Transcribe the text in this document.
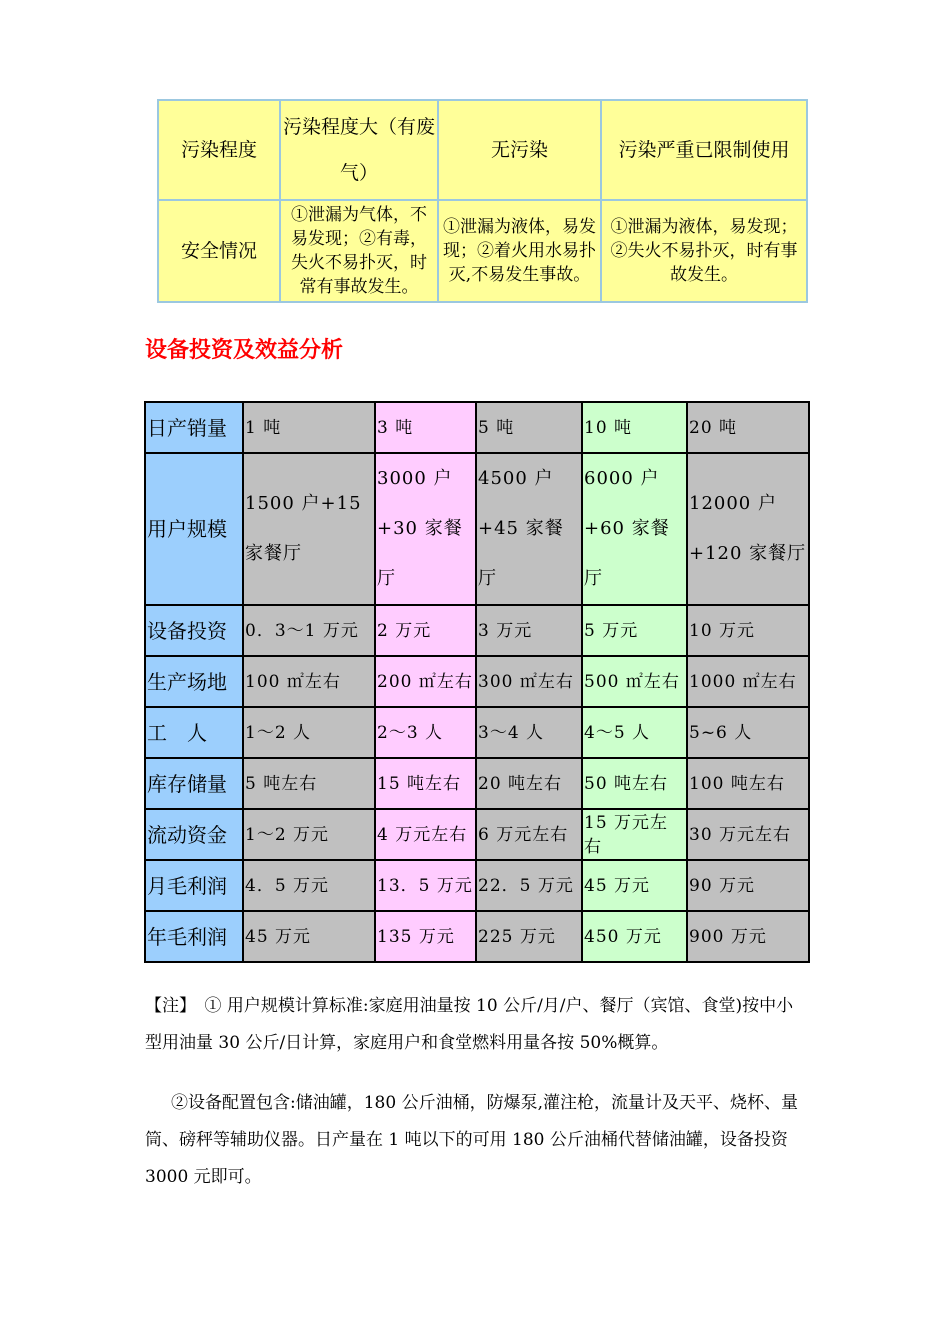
污染程度	污染程度大（有废气）	无污染	污染严重已限制使用
安全情况	①泄漏为气体，不易发现；②有毒，失火不易扑灭，时常有事故发生。	①泄漏为液体，易发现；②着火用水易扑灭,不易发生事故。	①泄漏为液体，易发现；②失火不易扑灭，时有事故发生。
设备投资及效益分析
日产销量	1 吨	3 吨	5 吨	10 吨	20 吨
用户规模	1500 户+15 家餐厅	3000 户+30 家餐厅	4500 户+45 家餐厅	6000 户+60 家餐厅	12000 户+120 家餐厅
设备投资	0．3～1 万元	2 万元	3 万元	5 万元	10 万元
生产场地	100 ㎡左右	200 ㎡左右	300 ㎡左右	500 ㎡左右	1000 ㎡左右
工　人	1～2 人	2～3 人	3～4 人	4～5 人	5~6 人
库存储量	5 吨左右	15 吨左右	20 吨左右	50 吨左右	100 吨左右
流动资金	1～2 万元	4 万元左右	6 万元左右	15 万元左右	30 万元左右
月毛利润	4．5 万元	13．5 万元	22．5 万元	45 万元	90 万元
年毛利润	45 万元	135 万元	225 万元	450 万元	900 万元

【注】　① 用户规模计算标准:家庭用油量按 10 公斤/月/户、餐厅（宾馆、食堂)按中小型用油量 30 公斤/日计算，家庭用户和食堂燃料用量各按 50%概算。

②设备配置包含:储油罐，180 公斤油桶，防爆泵,灌注枪，流量计及天平、烧杯、量筒、磅秤等辅助仪器。日产量在 1 吨以下的可用 180 公斤油桶代替储油罐，设备投资 3000 元即可。
